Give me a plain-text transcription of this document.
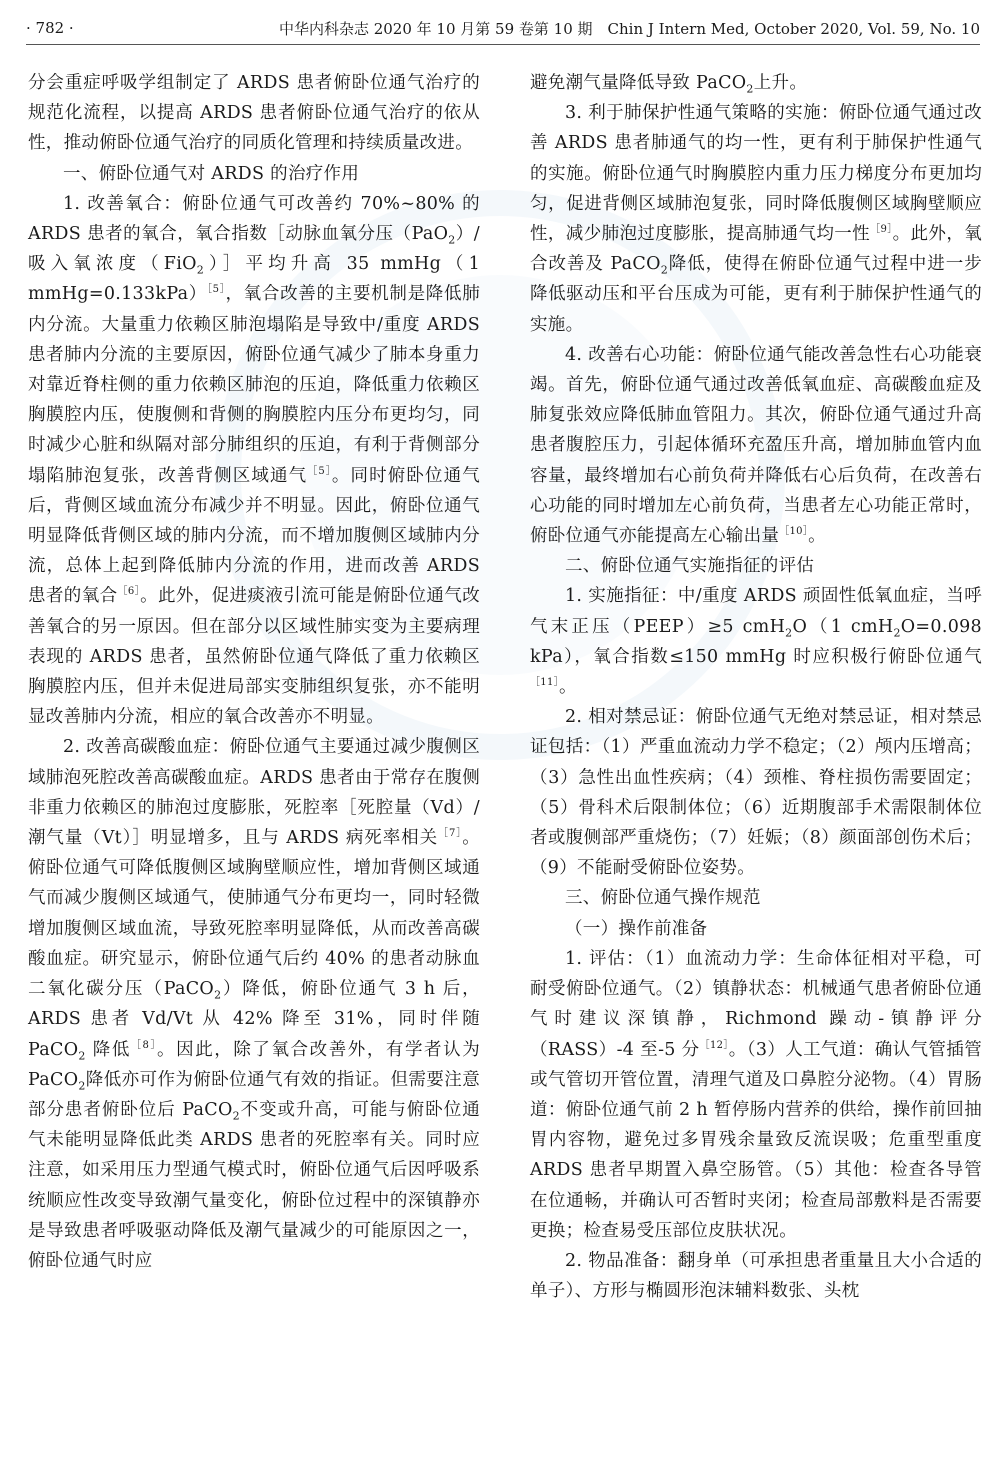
· 782 ·	中华内科杂志 2020 年 10 月第 59 卷第 10 期　Chin J Intern Med, October 2020, Vol. 59, No. 10

分会重症呼吸学组制定了 ARDS 患者俯卧位通气治疗的规范化流程，以提高 ARDS 患者俯卧位通气治疗的依从性，推动俯卧位通气治疗的同质化管理和持续质量改进。

一、俯卧位通气对 ARDS 的治疗作用

1. 改善氧合：俯卧位通气可改善约 70%~80% 的 ARDS 患者的氧合，氧合指数［动脉血氧分压（PaO$_2$）/吸入氧浓度（FiO$_2$）］平均升高 35 mmHg（1 mmHg=0.133kPa）$^{[5]}$，氧合改善的主要机制是降低肺内分流。大量重力依赖区肺泡塌陷是导致中/重度 ARDS 患者肺内分流的主要原因，俯卧位通气减少了肺本身重力对靠近脊柱侧的重力依赖区肺泡的压迫，降低重力依赖区胸膜腔内压，使腹侧和背侧的胸膜腔内压分布更均匀，同时减少心脏和纵隔对部分肺组织的压迫，有利于背侧部分塌陷肺泡复张，改善背侧区域通气$^{[5]}$。同时俯卧位通气后，背侧区域血流分布减少并不明显。因此，俯卧位通气明显降低背侧区域的肺内分流，而不增加腹侧区域肺内分流，总体上起到降低肺内分流的作用，进而改善 ARDS 患者的氧合$^{[6]}$。此外，促进痰液引流可能是俯卧位通气改善氧合的另一原因。但在部分以区域性肺实变为主要病理表现的 ARDS 患者，虽然俯卧位通气降低了重力依赖区胸膜腔内压，但并未促进局部实变肺组织复张，亦不能明显改善肺内分流，相应的氧合改善亦不明显。

2. 改善高碳酸血症：俯卧位通气主要通过减少腹侧区域肺泡死腔改善高碳酸血症。ARDS 患者由于常存在腹侧非重力依赖区的肺泡过度膨胀，死腔率［死腔量（Vd）/潮气量（Vt）］明显增多，且与 ARDS 病死率相关$^{[7]}$。俯卧位通气可降低腹侧区域胸壁顺应性，增加背侧区域通气而减少腹侧区域通气，使肺通气分布更均一，同时轻微增加腹侧区域血流，导致死腔率明显降低，从而改善高碳酸血症。研究显示，俯卧位通气后约 40% 的患者动脉血二氧化碳分压（PaCO$_2$）降低，俯卧位通气 3 h 后，ARDS 患者 Vd/Vt 从 42% 降至 31%，同时伴随 PaCO$_2$ 降低$^{[8]}$。因此，除了氧合改善外，有学者认为 PaCO$_2$降低亦可作为俯卧位通气有效的指证。但需要注意部分患者俯卧位后 PaCO$_2$不变或升高，可能与俯卧位通气未能明显降低此类 ARDS 患者的死腔率有关。同时应注意，如采用压力型通气模式时，俯卧位通气后因呼吸系统顺应性改变导致潮气量变化，俯卧位过程中的深镇静亦是导致患者呼吸驱动降低及潮气量减少的可能原因之一，俯卧位通气时应

避免潮气量降低导致 PaCO$_2$上升。

3. 利于肺保护性通气策略的实施：俯卧位通气通过改善 ARDS 患者肺通气的均一性，更有利于肺保护性通气的实施。俯卧位通气时胸膜腔内重力压力梯度分布更加均匀，促进背侧区域肺泡复张，同时降低腹侧区域胸壁顺应性，减少肺泡过度膨胀，提高肺通气均一性$^{[9]}$。此外，氧合改善及 PaCO$_2$降低，使得在俯卧位通气过程中进一步降低驱动压和平台压成为可能，更有利于肺保护性通气的实施。

4. 改善右心功能：俯卧位通气能改善急性右心功能衰竭。首先，俯卧位通气通过改善低氧血症、高碳酸血症及肺复张效应降低肺血管阻力。其次，俯卧位通气通过升高患者腹腔压力，引起体循环充盈压升高，增加肺血管内血容量，最终增加右心前负荷并降低右心后负荷，在改善右心功能的同时增加左心前负荷，当患者左心功能正常时，俯卧位通气亦能提高左心输出量$^{[10]}$。

二、俯卧位通气实施指征的评估

1. 实施指征：中/重度 ARDS 顽固性低氧血症，当呼气末正压（PEEP）≥5 cmH$_2$O（1 cmH$_2$O=0.098 kPa），氧合指数≤150 mmHg 时应积极行俯卧位通气$^{[11]}$。

2. 相对禁忌证：俯卧位通气无绝对禁忌证，相对禁忌证包括：（1）严重血流动力学不稳定；（2）颅内压增高；（3）急性出血性疾病；（4）颈椎、脊柱损伤需要固定；（5）骨科术后限制体位；（6）近期腹部手术需限制体位者或腹侧部严重烧伤；（7）妊娠；（8）颜面部创伤术后；（9）不能耐受俯卧位姿势。

三、俯卧位通气操作规范

（一）操作前准备

1. 评估：（1）血流动力学：生命体征相对平稳，可耐受俯卧位通气。（2）镇静状态：机械通气患者俯卧位通气时建议深镇静，Richmond 躁动-镇静评分（RASS）-4 至-5 分$^{[12]}$。（3）人工气道：确认气管插管或气管切开管位置，清理气道及口鼻腔分泌物。（4）胃肠道：俯卧位通气前 2 h 暂停肠内营养的供给，操作前回抽胃内容物，避免过多胃残余量致反流误吸；危重型重度 ARDS 患者早期置入鼻空肠管。（5）其他：检查各导管在位通畅，并确认可否暂时夹闭；检查局部敷料是否需要更换；检查易受压部位皮肤状况。

2. 物品准备：翻身单（可承担患者重量且大小合适的单子）、方形与椭圆形泡沫辅料数张、头枕
